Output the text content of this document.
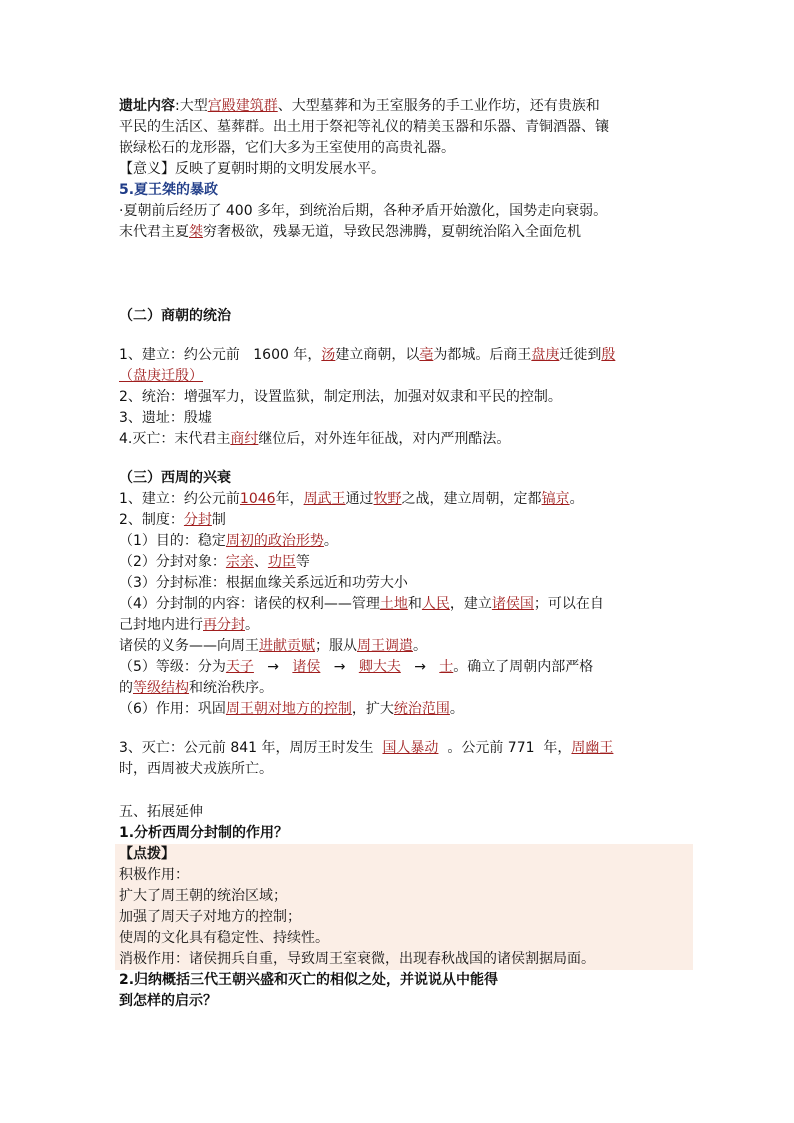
遗址内容:大型宫殿建筑群、大型墓葬和为王室服务的手工业作坊，还有贵族和
平民的生活区、墓葬群。出土用于祭祀等礼仪的精美玉器和乐器、青铜酒器、镶
嵌绿松石的龙形器，它们大多为王室使用的高贵礼器。
【意义】反映了夏朝时期的文明发展水平。
5.夏王桀的暴政
·夏朝前后经历了 400 多年，到统治后期，各种矛盾开始激化，国势走向衰弱。
末代君主夏桀穷奢极欲，残暴无道，导致民怨沸腾，夏朝统治陷入全面危机
（二）商朝的统治
1、建立：约公元前   1600 年，汤建立商朝，以亳为都城。后商王盘庚迁徙到殷
（盘庚迁殷）
2、统治：增强军力，设置监狱，制定刑法，加强对奴隶和平民的控制。
3、遗址：殷墟
4.灭亡：末代君主商纣继位后，对外连年征战，对内严刑酷法。
（三）西周的兴衰
1、建立：约公元前1046年，周武王通过牧野之战，建立周朝，定都镐京。
2、制度：分封制
（1）目的：稳定周初的政治形势。
（2）分封对象：宗亲、功臣等
（3）分封标准：根据血缘关系远近和功劳大小
（4）分封制的内容：诸侯的权利——管理土地和人民，建立诸侯国；可以在自
己封地内进行再分封。
诸侯的义务——向周王进献贡赋；服从周王调遣。
（5）等级：分为天子 → 诸侯 → 卿大夫 → 士。确立了周朝内部严格
的等级结构和统治秩序。
（6）作用：巩固周王朝对地方的控制，扩大统治范围。
3、灭亡：公元前 841 年，周厉王时发生  国人暴动  。公元前 771  年，周幽王
时，西周被犬戎族所亡。
五、拓展延伸
1.分析西周分封制的作用？
【点拨】
积极作用：
扩大了周王朝的统治区域；
加强了周天子对地方的控制；
使周的文化具有稳定性、持续性。
消极作用：诸侯拥兵自重，导致周王室衰微，出现春秋战国的诸侯割据局面。
2.归纳概括三代王朝兴盛和灭亡的相似之处，并说说从中能得
到怎样的启示？
